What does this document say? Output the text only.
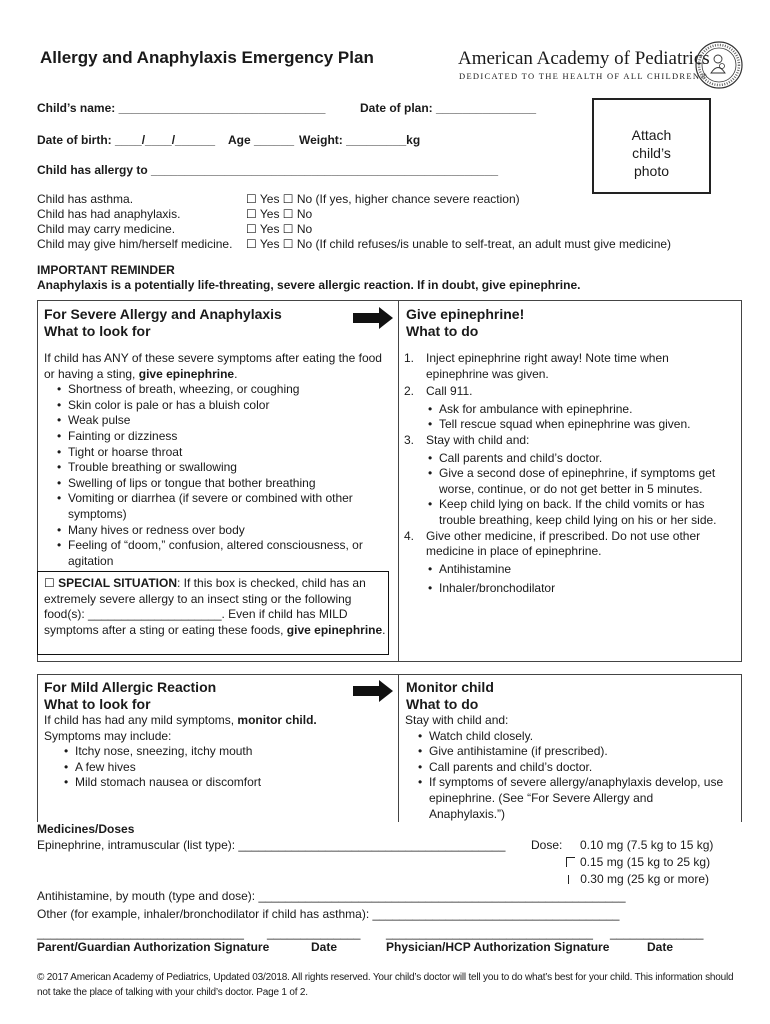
Allergy and Anaphylaxis Emergency Plan	American Academy of Pediatrics
DEDICATED TO THE HEALTH OF ALL CHILDREN®
Child’s name: _______________________________	Date of plan: _______________
Date of birth: ____/____/______ Age ______ Weight: _________kg
Child has allergy to ____________________________________________________
Attach child’s photo
Child has asthma.	☐ Yes ☐ No (If yes, higher chance severe reaction)
Child has had anaphylaxis.	☐ Yes ☐ No
Child may carry medicine.	☐ Yes ☐ No
Child may give him/herself medicine. ☐ Yes ☐ No (If child refuses/is unable to self-treat, an adult must give medicine)
IMPORTANT REMINDER
Anaphylaxis is a potentially life-threating, severe allergic reaction. If in doubt, give epinephrine.
For Severe Allergy and Anaphylaxis
What to look for
Give epinephrine!
What to do
If child has ANY of these severe symptoms after eating the food or having a sting, give epinephrine.
• Shortness of breath, wheezing, or coughing
• Skin color is pale or has a bluish color
• Weak pulse
• Fainting or dizziness
• Tight or hoarse throat
• Trouble breathing or swallowing
• Swelling of lips or tongue that bother breathing
• Vomiting or diarrhea (if severe or combined with other symptoms)
• Many hives or redness over body
• Feeling of “doom,” confusion, altered consciousness, or agitation
☐ SPECIAL SITUATION: If this box is checked, child has an extremely severe allergy to an insect sting or the following food(s): ____________________. Even if child has MILD symptoms after a sting or eating these foods, give epinephrine.
1. Inject epinephrine right away! Note time when epinephrine was given.
2. Call 911.
• Ask for ambulance with epinephrine.
• Tell rescue squad when epinephrine was given.
3. Stay with child and:
• Call parents and child’s doctor.
• Give a second dose of epinephrine, if symptoms get worse, continue, or do not get better in 5 minutes.
• Keep child lying on back. If the child vomits or has trouble breathing, keep child lying on his or her side.
4. Give other medicine, if prescribed. Do not use other medicine in place of epinephrine.
• Antihistamine
• Inhaler/bronchodilator
For Mild Allergic Reaction
What to look for
Monitor child
What to do
If child has had any mild symptoms, monitor child.
Symptoms may include:
• Itchy nose, sneezing, itchy mouth
• A few hives
• Mild stomach nausea or discomfort
Stay with child and:
• Watch child closely.
• Give antihistamine (if prescribed).
• Call parents and child’s doctor.
• If symptoms of severe allergy/anaphylaxis develop, use epinephrine. (See “For Severe Allergy and Anaphylaxis.”)
Medicines/Doses
Epinephrine, intramuscular (list type): ________________________________________ Dose:	0.10 mg (7.5 kg to 15 kg)
0.15 mg (15 kg to 25 kg)
0.30 mg (25 kg or more)
Antihistamine, by mouth (type and dose): _______________________________________________________
Other (for example, inhaler/bronchodilator if child has asthma): _____________________________________
_______________________________ ______________ _______________________________ ______________
Parent/Guardian Authorization Signature	Date	Physician/HCP Authorization Signature	Date
© 2017 American Academy of Pediatrics, Updated 03/2018. All rights reserved. Your child’s doctor will tell you to do what’s best for your child. This information should not take the place of talking with your child’s doctor. Page 1 of 2.
